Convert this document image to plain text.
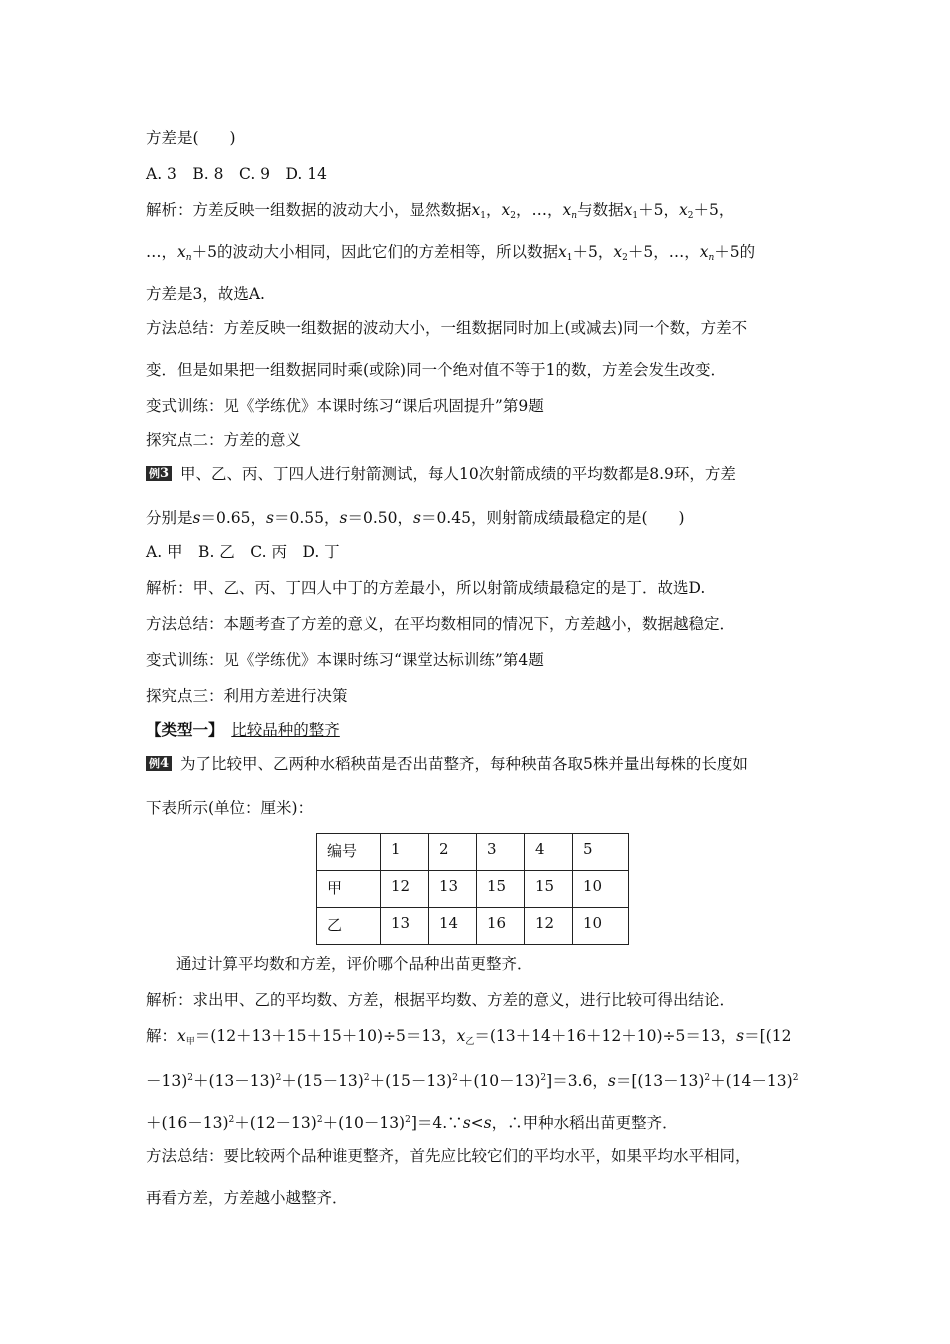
方差是(　　)
A. 3　B. 8　C. 9　D. 14
解析：方差反映一组数据的波动大小，显然数据$x_1$，$x_2$，…，$x_n$与数据$x_1+5$，$x_2+5$，
…，$x_n+5$的波动大小相同，因此它们的方差相等，所以数据$x_1+5$，$x_2+5$，…，$x_n+5$的
方差是3，故选A.
方法总结：方差反映一组数据的波动大小，一组数据同时加上(或减去)同一个数，方差不
变．但是如果把一组数据同时乘(或除)同一个绝对值不等于1的数，方差会发生改变．
变式训练：见《学练优》本课时练习“课后巩固提升”第9题
探究点二：方差的意义
例3 甲、乙、丙、丁四人进行射箭测试，每人10次射箭成绩的平均数都是8.9环，方差
分别是s＝0.65，s＝0.55，s＝0.50，s＝0.45，则射箭成绩最稳定的是(　　)
A. 甲　B. 乙　C. 丙　D. 丁
解析：甲、乙、丙、丁四人中丁的方差最小，所以射箭成绩最稳定的是丁．故选D.
方法总结：本题考查了方差的意义，在平均数相同的情况下，方差越小，数据越稳定．
变式训练：见《学练优》本课时练习“课堂达标训练”第4题
探究点三：利用方差进行决策
【类型一】　 比较品种的整齐
例4 为了比较甲、乙两种水稻秧苗是否出苗整齐，每种秧苗各取5株并量出每株的长度如
下表所示(单位：厘米)：
编号	1	2	3	4	5
甲	12	13	15	15	10
乙	13	14	16	12	10
通过计算平均数和方差，评价哪个品种出苗更整齐．
解析：求出甲、乙的平均数、方差，根据平均数、方差的意义，进行比较可得出结论．
解：$x_甲=(12+13+15+15+10)\div 5=13$，$x_乙=(13+14+16+12+10)\div 5=13$，s＝[(12
$-13)^2+(13-13)^2+(15-13)^2+(15-13)^2+(10-13)^2]=3.6$，$s=[(13-13)^2+(14-13)^2$
$+(16-13)^2+(12-13)^2+(10-13)^2]=4.\because s<s$，∴甲种水稻出苗更整齐．
方法总结：要比较两个品种谁更整齐，首先应比较它们的平均水平，如果平均水平相同，
再看方差，方差越小越整齐．
